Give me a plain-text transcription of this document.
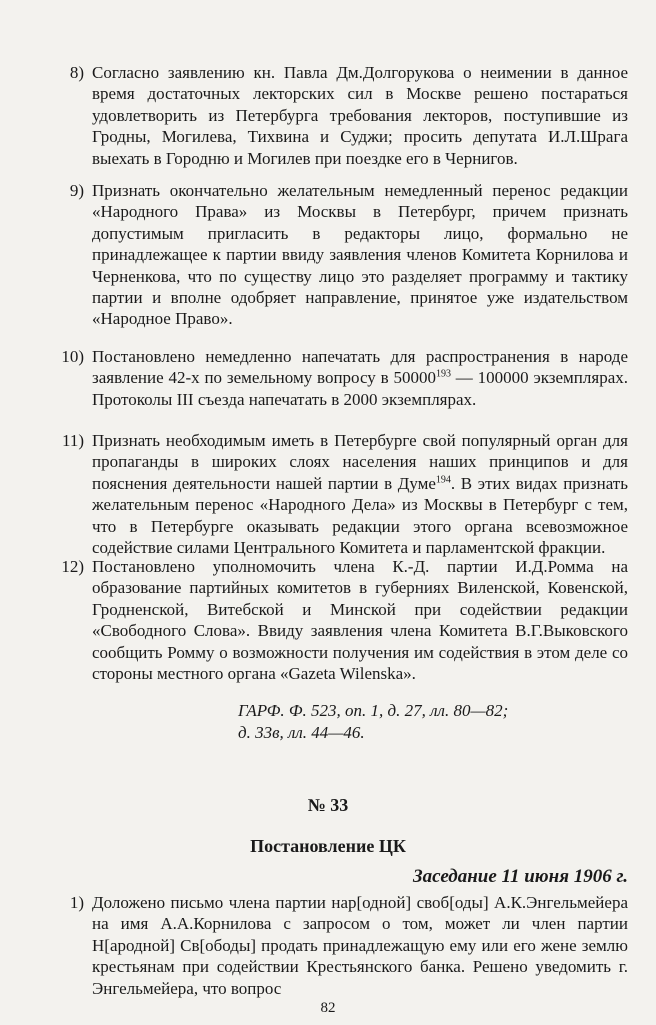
8) Согласно заявлению кн. Павла Дм.Долгорукова о неимении в данное время достаточных лекторских сил в Москве решено постараться удовлетворить из Петербурга требования лекторов, поступившие из Гродны, Могилева, Тихвина и Суджи; просить депутата И.Л.Шрага выехать в Городню и Могилев при поездке его в Чернигов.
9) Признать окончательно желательным немедленный перенос редакции «Народного Права» из Москвы в Петербург, причем признать допустимым пригласить в редакторы лицо, формально не принадлежащее к партии ввиду заявления членов Комитета Корнилова и Черненкова, что по существу лицо это разделяет программу и тактику партии и вполне одобряет направление, принятое уже издательством «Народное Право».
10) Постановлено немедленно напечатать для распространения в народе заявление 42-х по земельному вопросу в 50000$^{193}$ — 100000 экземплярах. Протоколы III съезда напечатать в 2000 экземплярах.
11) Признать необходимым иметь в Петербурге свой популярный орган для пропаганды в широких слоях населения наших принципов и для пояснения деятельности нашей партии в Думе$^{194}$. В этих видах признать желательным перенос «Народного Дела» из Москвы в Петербург с тем, что в Петербурге оказывать редакции этого органа всевозможное содействие силами Центрального Комитета и парламентской фракции.
12) Постановлено уполномочить члена К.-Д. партии И.Д.Ромма на образование партийных комитетов в губерниях Виленской, Ковенской, Гродненской, Витебской и Минской при содействии редакции «Свободного Слова». Ввиду заявления члена Комитета В.Г.Выковского сообщить Ромму о возможности получения им содействия в этом деле со стороны местного органа «Gazeta Wilenska».
ГАРФ. Ф. 523, оп. 1, д. 27, лл. 80—82;
д. 33в, лл. 44—46.
№ 33
Постановление ЦК
Заседание 11 июня 1906 г.
1) Доложено письмо члена партии нар[одной] своб[оды] А.К.Энгельмейера на имя А.А.Корнилова с запросом о том, может ли член партии Н[ародной] Св[ободы] продать принадлежащую ему или его жене землю крестьянам при содействии Крестьянского банка. Решено уведомить г. Энгельмейера, что вопрос
82
